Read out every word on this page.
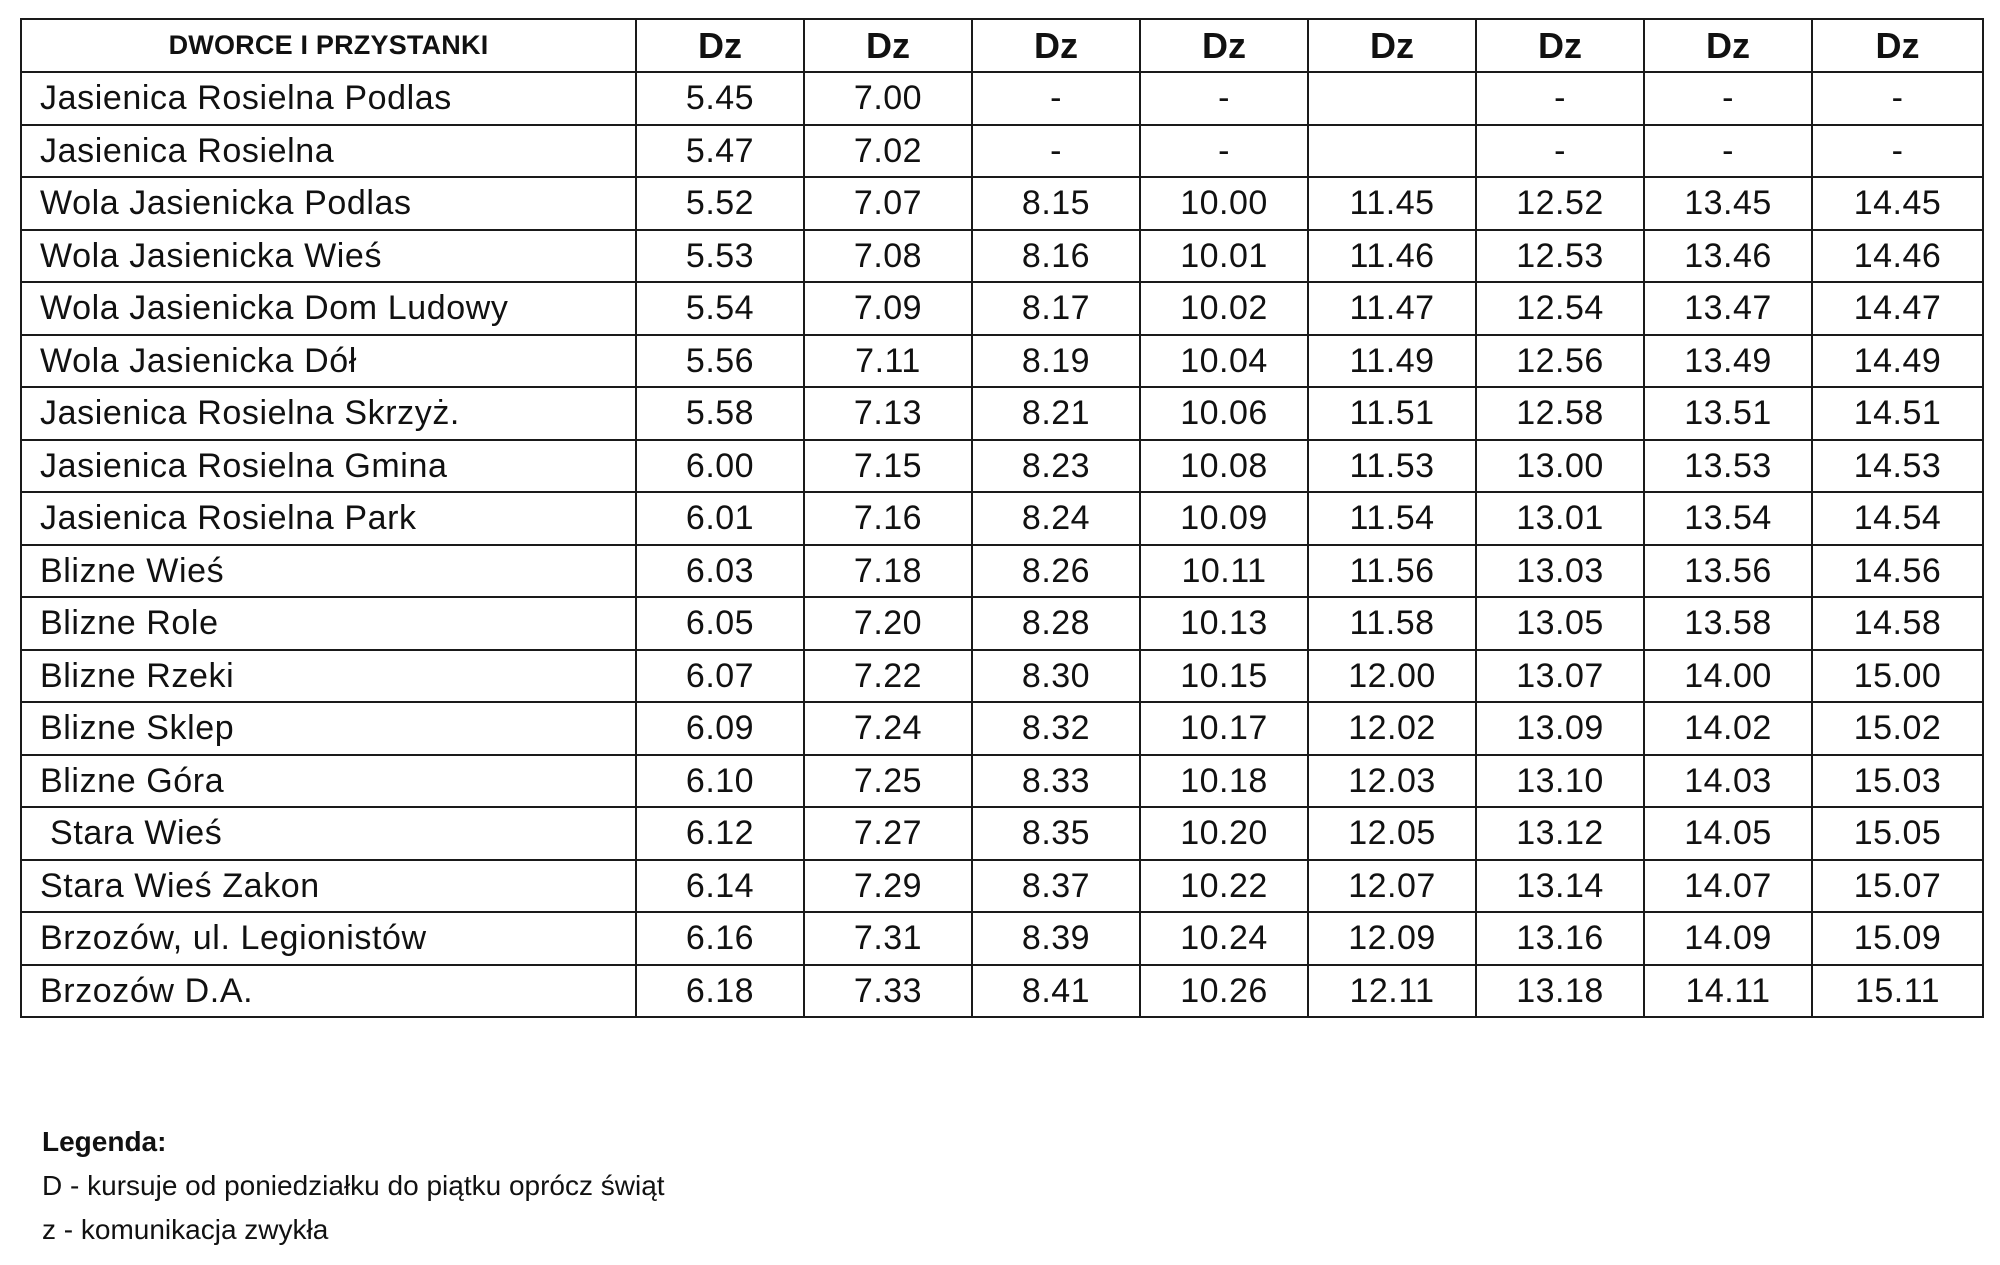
DWORCE I PRZYSTANKI	Dz	Dz	Dz	Dz	Dz	Dz	Dz	Dz
Jasienica Rosielna Podlas	5.45	7.00	-	-		-	-	-
Jasienica Rosielna	5.47	7.02	-	-		-	-	-
Wola Jasienicka Podlas	5.52	7.07	8.15	10.00	11.45	12.52	13.45	14.45
Wola Jasienicka Wieś	5.53	7.08	8.16	10.01	11.46	12.53	13.46	14.46
Wola Jasienicka Dom Ludowy	5.54	7.09	8.17	10.02	11.47	12.54	13.47	14.47
Wola Jasienicka Dół	5.56	7.11	8.19	10.04	11.49	12.56	13.49	14.49
Jasienica Rosielna Skrzyż.	5.58	7.13	8.21	10.06	11.51	12.58	13.51	14.51
Jasienica Rosielna Gmina	6.00	7.15	8.23	10.08	11.53	13.00	13.53	14.53
Jasienica Rosielna Park	6.01	7.16	8.24	10.09	11.54	13.01	13.54	14.54
Blizne Wieś	6.03	7.18	8.26	10.11	11.56	13.03	13.56	14.56
Blizne Role	6.05	7.20	8.28	10.13	11.58	13.05	13.58	14.58
Blizne Rzeki	6.07	7.22	8.30	10.15	12.00	13.07	14.00	15.00
Blizne Sklep	6.09	7.24	8.32	10.17	12.02	13.09	14.02	15.02
Blizne Góra	6.10	7.25	8.33	10.18	12.03	13.10	14.03	15.03
Stara Wieś	6.12	7.27	8.35	10.20	12.05	13.12	14.05	15.05
Stara Wieś Zakon	6.14	7.29	8.37	10.22	12.07	13.14	14.07	15.07
Brzozów, ul. Legionistów	6.16	7.31	8.39	10.24	12.09	13.16	14.09	15.09
Brzozów D.A.	6.18	7.33	8.41	10.26	12.11	13.18	14.11	15.11
Legenda:
D - kursuje od poniedziałku do piątku oprócz świąt
z - komunikacja zwykła
